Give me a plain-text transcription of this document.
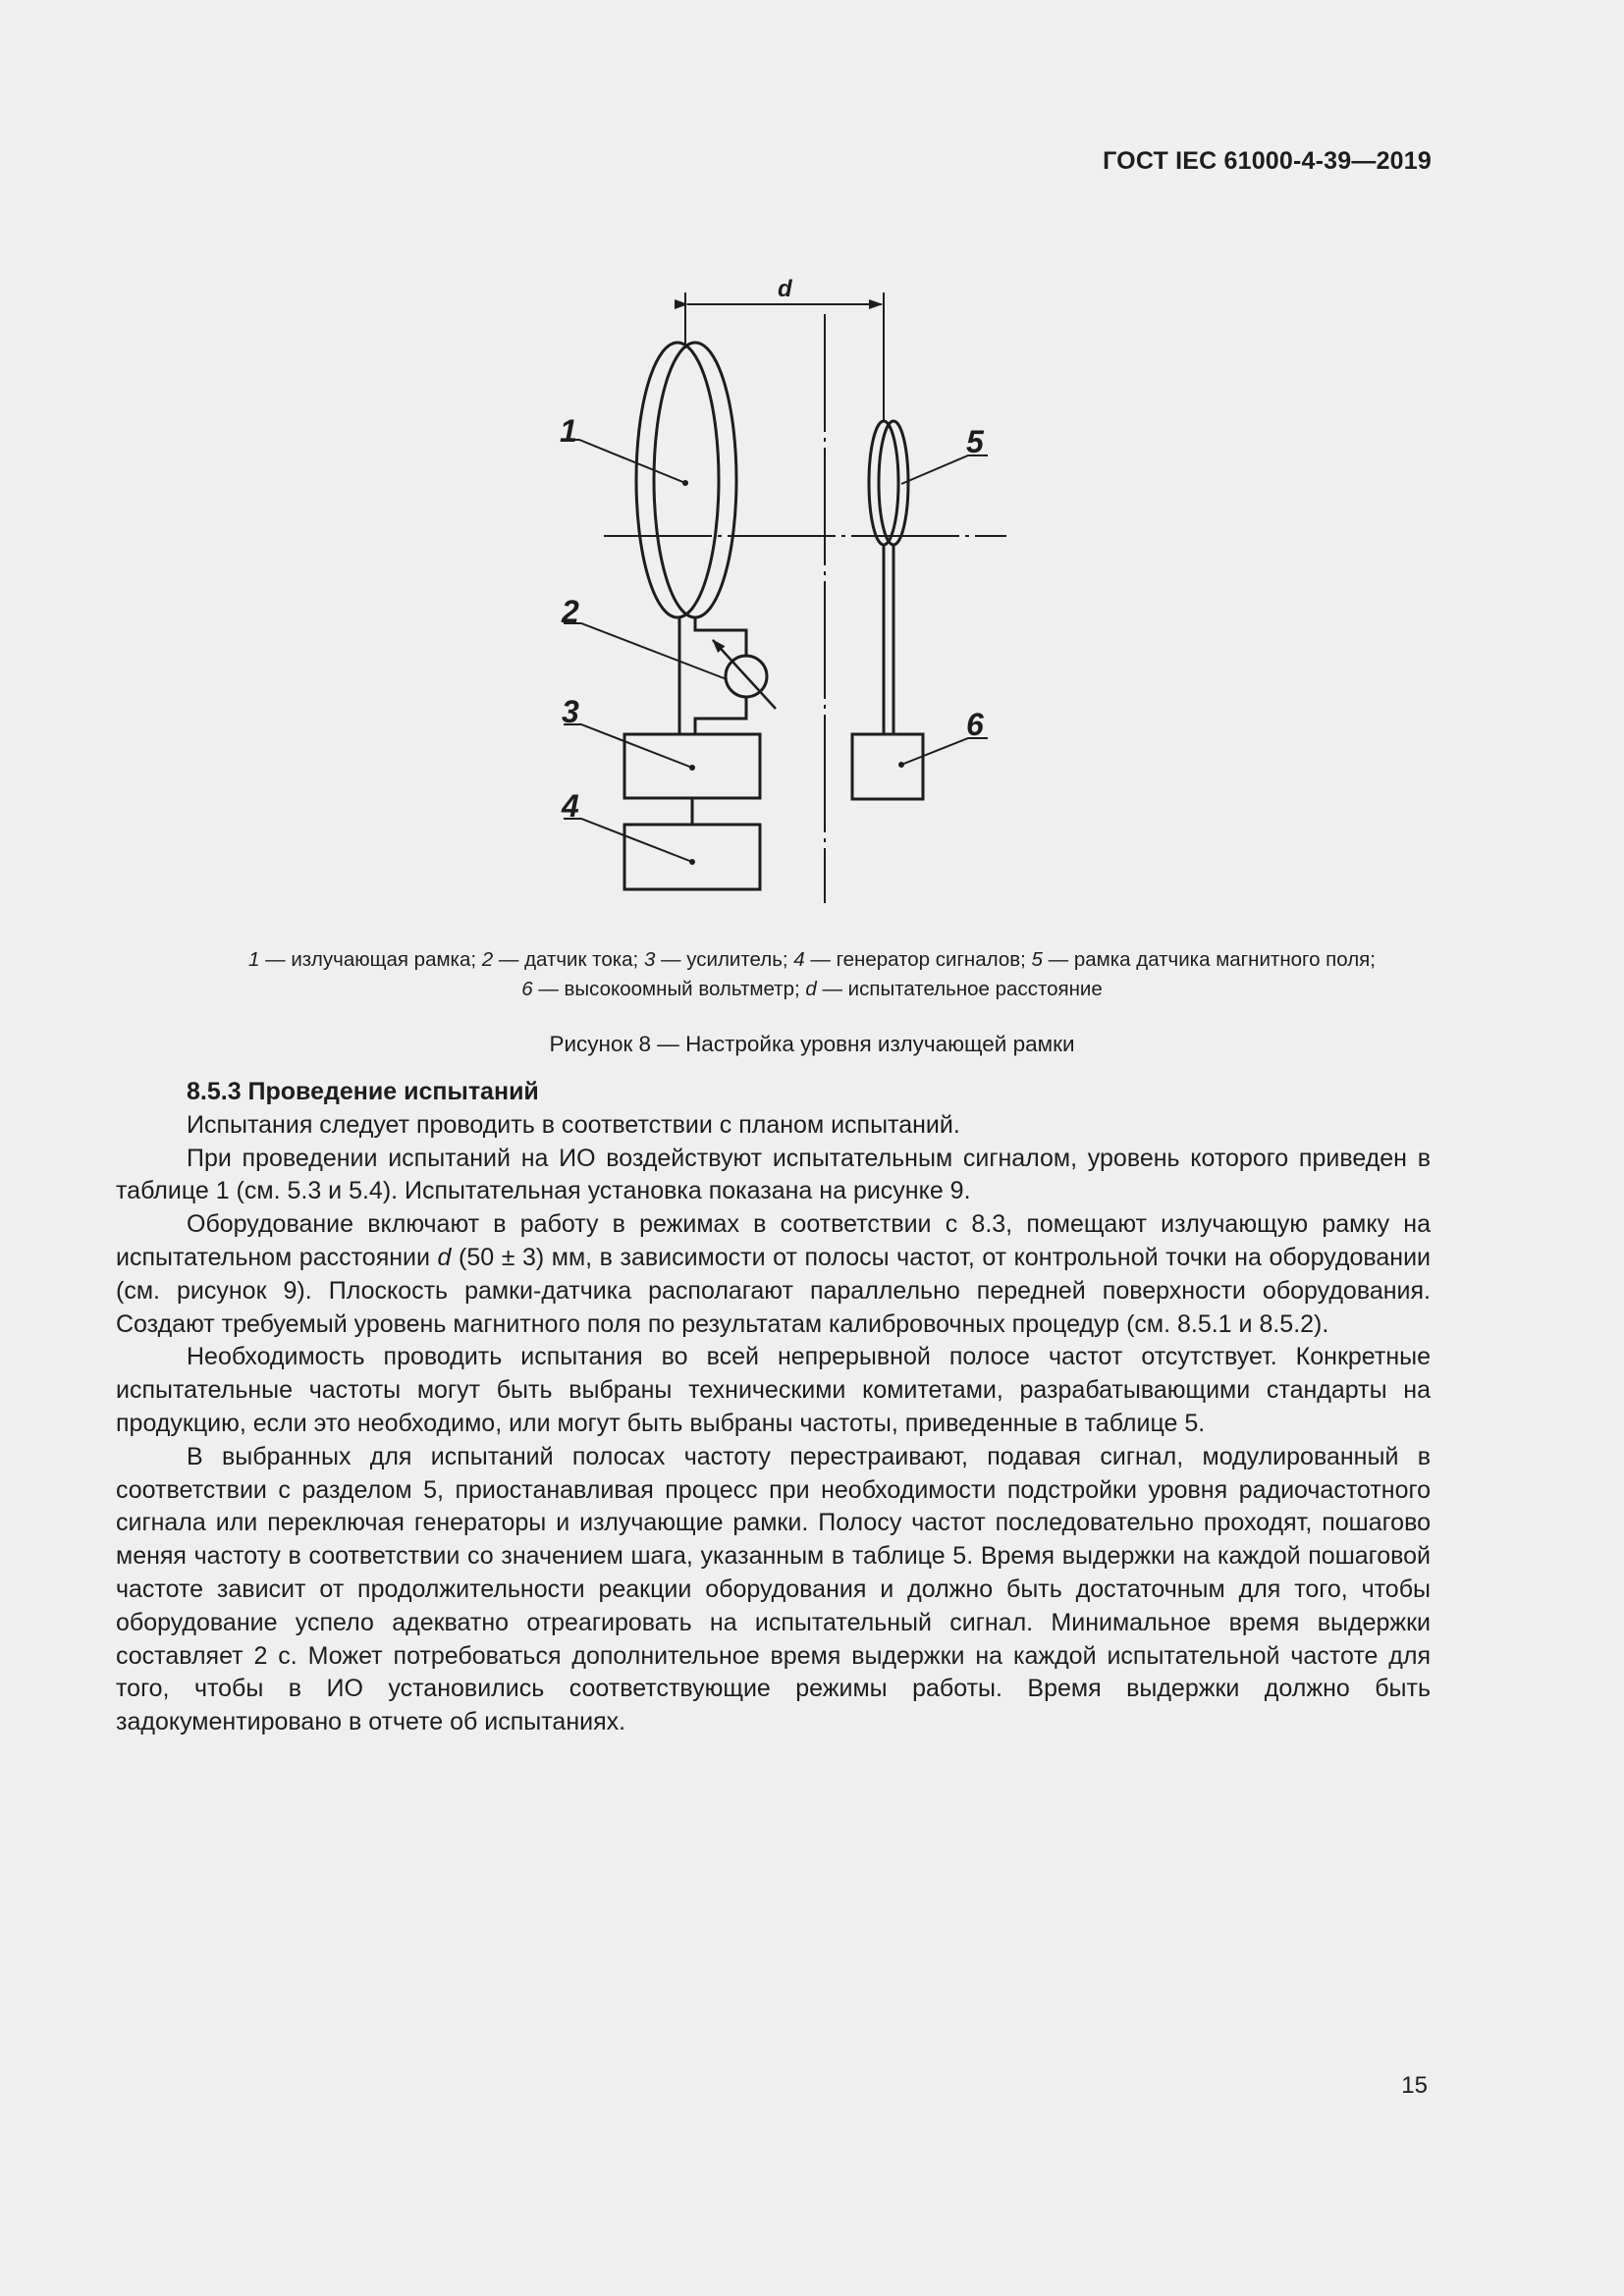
ГОСТ IEC 61000-4-39—2019
1
2
3
4
5
6
d
1 — излучающая рамка; 2 — датчик тока; 3 — усилитель; 4 — генератор сигналов; 5 — рамка датчика магнитного поля;
6 — высокоомный вольтметр; d — испытательное расстояние
Рисунок 8 — Настройка уровня излучающей рамки
8.5.3 Проведение испытаний

Испытания следует проводить в соответствии с планом испытаний.

При проведении испытаний на ИО воздействуют испытательным сигналом, уровень которого приведен в таблице 1 (см. 5.3 и 5.4). Испытательная установка показана на рисунке 9.

Оборудование включают в работу в режимах в соответствии с 8.3, помещают излучающую рамку на испытательном расстоянии d (50 ± 3) мм, в зависимости от полосы частот, от контрольной точки на оборудовании (см. рисунок 9). Плоскость рамки-датчика располагают параллельно передней поверхности оборудования. Создают требуемый уровень магнитного поля по результатам калибровочных процедур (см. 8.5.1 и 8.5.2).

Необходимость проводить испытания во всей непрерывной полосе частот отсутствует. Конкретные испытательные частоты могут быть выбраны техническими комитетами, разрабатывающими стандарты на продукцию, если это необходимо, или могут быть выбраны частоты, приведенные в таблице 5.

В выбранных для испытаний полосах частоту перестраивают, подавая сигнал, модулированный в соответствии с разделом 5, приостанавливая процесс при необходимости подстройки уровня радиочастотного сигнала или переключая генераторы и излучающие рамки. Полосу частот последовательно проходят, пошагово меняя частоту в соответствии со значением шага, указанным в таблице 5. Время выдержки на каждой пошаговой частоте зависит от продолжительности реакции оборудования и должно быть достаточным для того, чтобы оборудование успело адекватно отреагировать на испытательный сигнал. Минимальное время выдержки составляет 2 с. Может потребоваться дополнительное время выдержки на каждой испытательной частоте для того, чтобы в ИО установились соответствующие режимы работы. Время выдержки должно быть задокументировано в отчете об испытаниях.

15
